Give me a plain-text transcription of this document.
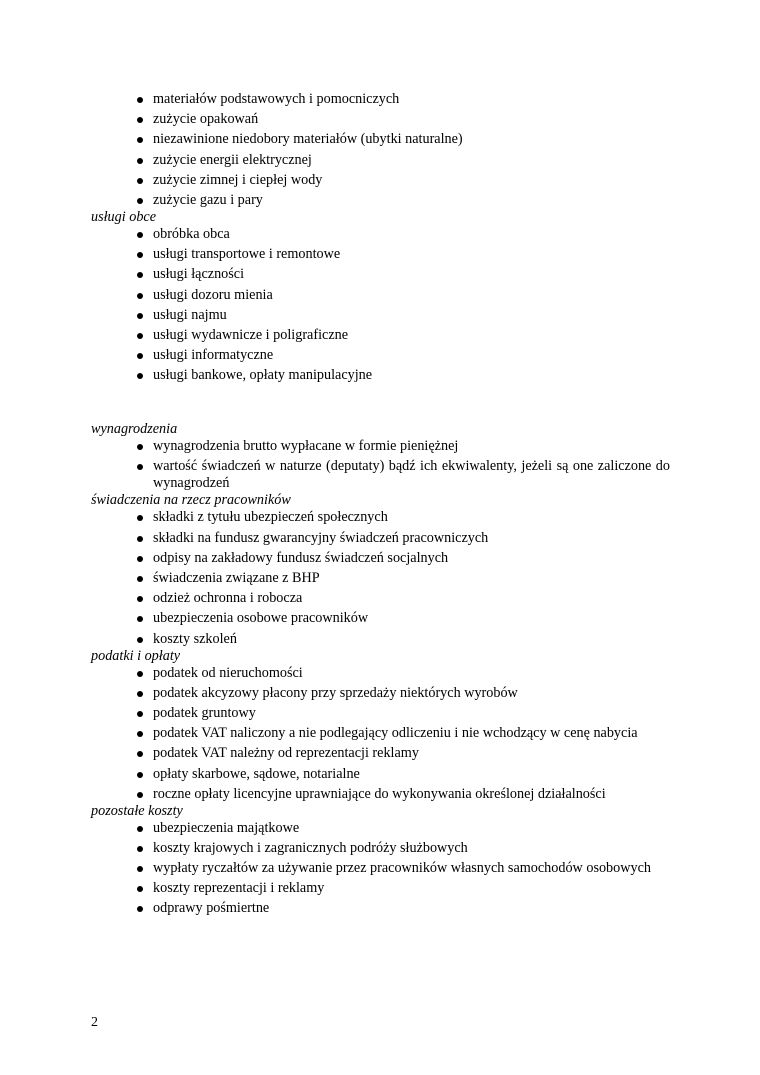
materiałów podstawowych i pomocniczych
zużycie opakowań
niezawinione niedobory materiałów (ubytki naturalne)
zużycie energii elektrycznej
zużycie zimnej i ciepłej wody
zużycie gazu i pary

usługi obce

obróbka obca
usługi transportowe i remontowe
usługi łączności
usługi dozoru mienia
usługi najmu
usługi wydawnicze i poligraficzne
usługi informatyczne
usługi bankowe, opłaty manipulacyjne

wynagrodzenia

wynagrodzenia brutto wypłacane w formie pieniężnej
wartość świadczeń w naturze (deputaty) bądź ich ekwiwalenty, jeżeli są one zaliczone do wynagrodzeń

świadczenia na rzecz pracowników

składki z tytułu ubezpieczeń społecznych
składki na fundusz gwarancyjny świadczeń pracowniczych
odpisy na zakładowy fundusz świadczeń socjalnych
świadczenia związane z BHP
odzież ochronna i robocza
ubezpieczenia osobowe pracowników
koszty szkoleń

podatki i opłaty

podatek od nieruchomości
podatek akcyzowy płacony przy sprzedaży niektórych wyrobów
podatek gruntowy
podatek VAT naliczony a nie podlegający odliczeniu i nie wchodzący w cenę nabycia
podatek VAT należny od reprezentacji reklamy
opłaty skarbowe, sądowe, notarialne
roczne opłaty licencyjne uprawniające do wykonywania określonej działalności

pozostałe koszty

ubezpieczenia majątkowe
koszty krajowych i zagranicznych podróży służbowych
wypłaty ryczałtów za używanie przez pracowników własnych samochodów osobowych
koszty reprezentacji i reklamy
odprawy pośmiertne
2
